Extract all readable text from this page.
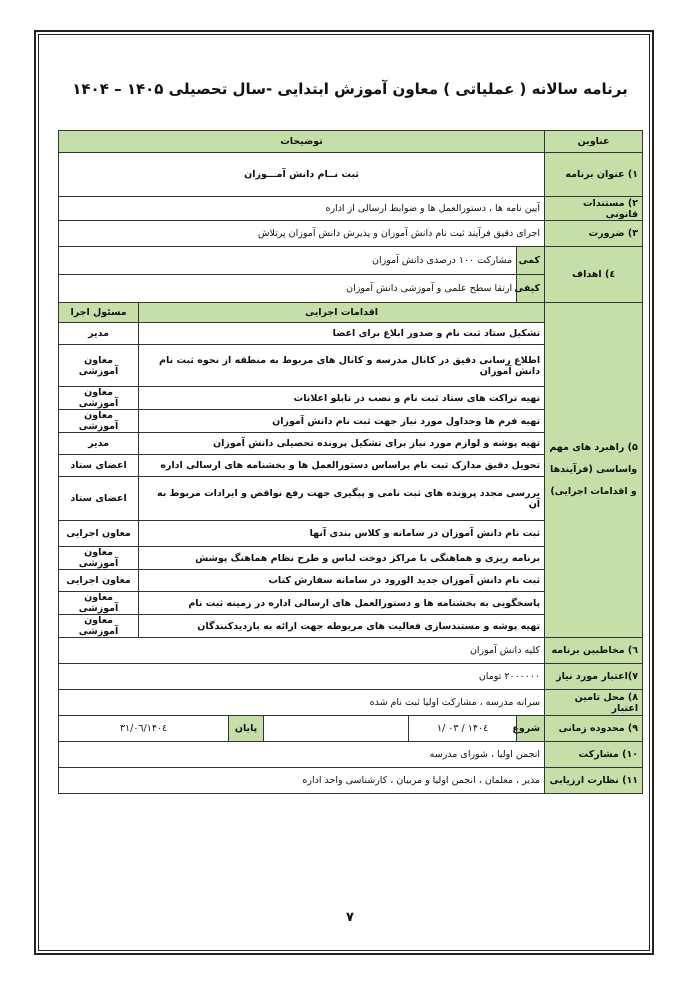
برنامه سالانه ( عملیاتی ) معاون آموزش ابتدایی -سال تحصیلی ۱۴۰۵ – ۱۴۰۴
عناوین	توضیحات					
۱) عنوان برنامه	ثبت نــام دانش آمـــوزان					
۲) مستندات قانونی	آیین نامه ها ، دستورالعمل ها و ضوابط ارسالی از اداره					
۳) ضرورت	اجرای دقیق فرآیند ثبت نام دانش آموزان و پذیرش دانش آموزان پرتلاش					
٤) اهداف	کمی	مشارکت ۱۰۰ درصدی دانش آموزان				
	کیفی	ارتقا سطح علمی و آموزشی دانش آموزان				
۵) راهبرد های مهم واساسی (فرآیندها و اقدامات اجرایی)	اقدامات اجرایی					مسئول اجرا
	تشکیل ستاد ثبت نام و صدور ابلاغ برای اعضا					مدیر
	اطلاع رسانی دقیق در کانال مدرسه و کانال های مربوط به منطقه از نحوه ثبت نام دانش آموزان					معاون آموزشی
	تهیه تراکت های ستاد ثبت نام و نصب در تابلو اعلانات					معاون آموزشی
	تهیه فرم ها وجداول مورد نیاز جهت ثبت نام دانش آموزان					معاون آموزشی
	تهیه پوشه و لوازم مورد نیاز برای تشکیل پرونده تحصیلی دانش آموزان					مدیر
	تحویل دقیق مدارک ثبت نام براساس دستورالعمل ها و بخشنامه های ارسالی اداره					اعضای ستاد
	بررسی مجدد پرونده های ثبت نامی و پیگیری جهت رفع نواقص و ایرادات مربوط به آن					اعضای ستاد
	ثبت نام دانش آموزان در سامانه و کلاس بندی آنها					معاون اجرایی
	برنامه ریزی و هماهنگی با مراکز دوخت لباس و طرح نظام هماهنگ پوشش					معاون آموزشی
	ثبت نام دانش آموزان جدید الورود در سامانه سفارش کتاب					معاون اجرایی
	پاسخگویی به بخشنامه ها و دستورالعمل های ارسالی اداره در زمینه ثبت نام					معاون آموزشی
	تهیه پوشه و مستندسازی فعالیت های مربوطه جهت ارائه به بازدیدکنندگان					معاون آموزشی
٦) مخاطبین برنامه	کلیه دانش آموزان					
۷)اعتبار مورد نیاز	۲۰۰۰۰۰۰ تومان					
۸) محل تامین اعتبار	سرانه مدرسه ، مشارکت اولیا ثبت نام شده					
۹) محدوده زمانی	شروع	۱۴۰٤ / ۰۳ /۱		پایان	۱۴۰٤/۰٦/۳۱	
۱۰) مشارکت	انجمن اولیا ، شورای مدرسه					
۱۱) نظارت ارزیابی	مدیر ، معلمان ، انجمن اولیا و مربیان ، کارشناسی واحد اداره					
۷
